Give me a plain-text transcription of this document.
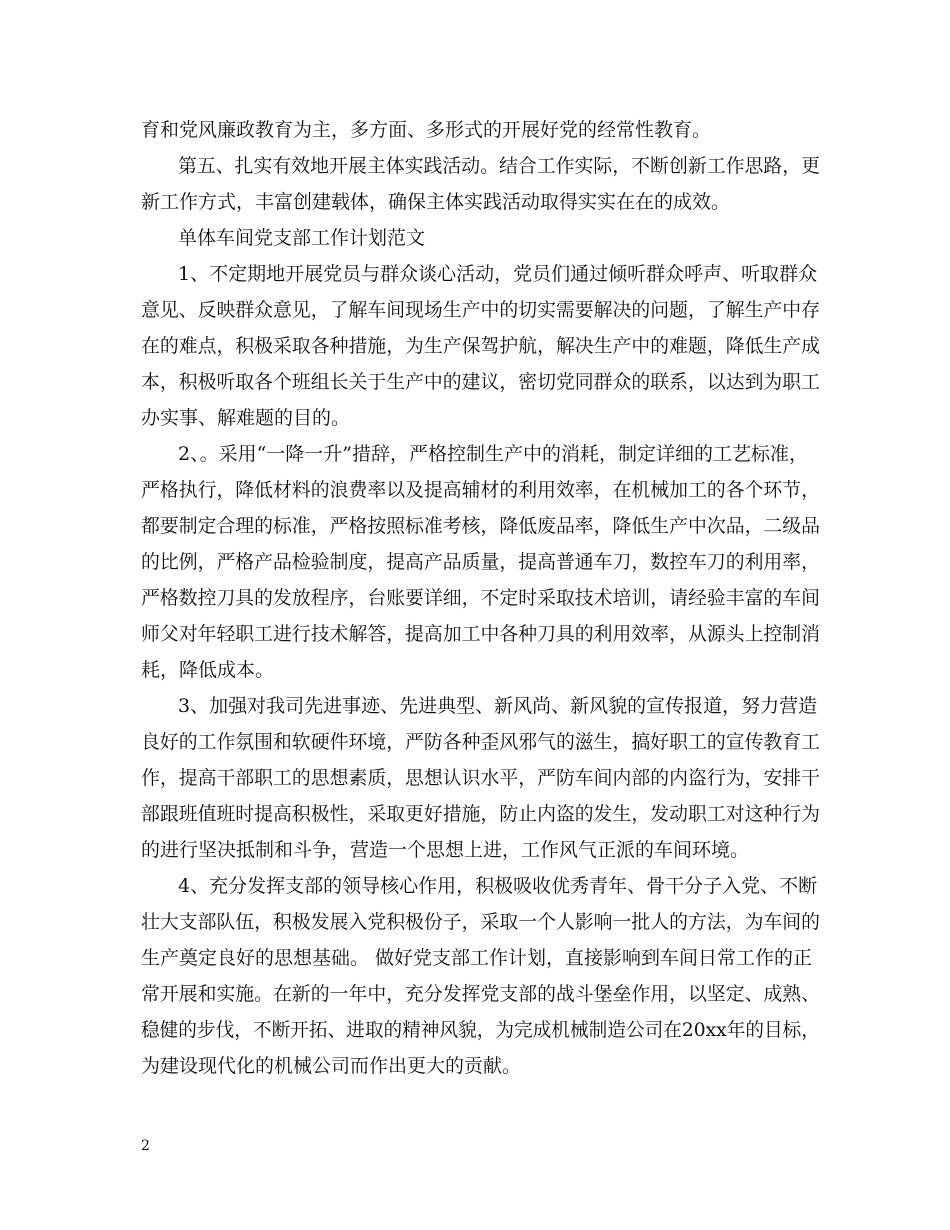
育和党风廉政教育为主，多方面、多形式的开展好党的经常性教育。
第五、扎实有效地开展主体实践活动。结合工作实际，不断创新工作思路，更
新工作方式，丰富创建载体，确保主体实践活动取得实实在在的成效。
单体车间党支部工作计划范文
1、不定期地开展党员与群众谈心活动，党员们通过倾听群众呼声、听取群众
意见、反映群众意见，了解车间现场生产中的切实需要解决的问题，了解生产中存
在的难点，积极采取各种措施，为生产保驾护航，解决生产中的难题，降低生产成
本，积极听取各个班组长关于生产中的建议，密切党同群众的联系，以达到为职工
办实事、解难题的目的。
2、。采用“一降一升”措辞，严格控制生产中的消耗，制定详细的工艺标准，
严格执行，降低材料的浪费率以及提高辅材的利用效率，在机械加工的各个环节，
都要制定合理的标准，严格按照标准考核，降低废品率，降低生产中次品，二级品
的比例，严格产品检验制度，提高产品质量，提高普通车刀，数控车刀的利用率，
严格数控刀具的发放程序，台账要详细，不定时采取技术培训，请经验丰富的车间
师父对年轻职工进行技术解答，提高加工中各种刀具的利用效率，从源头上控制消
耗，降低成本。
3、加强对我司先进事迹、先进典型、新风尚、新风貌的宣传报道，努力营造
良好的工作氛围和软硬件环境，严防各种歪风邪气的滋生，搞好职工的宣传教育工
作，提高干部职工的思想素质，思想认识水平，严防车间内部的内盗行为，安排干
部跟班值班时提高积极性，采取更好措施，防止内盗的发生，发动职工对这种行为
的进行坚决抵制和斗争，营造一个思想上进，工作风气正派的车间环境。
4、充分发挥支部的领导核心作用，积极吸收优秀青年、骨干分子入党、不断
壮大支部队伍，积极发展入党积极份子，采取一个人影响一批人的方法，为车间的
生产奠定良好的思想基础。 做好党支部工作计划，直接影响到车间日常工作的正
常开展和实施。在新的一年中，充分发挥党支部的战斗堡垒作用，以坚定、成熟、
稳健的步伐，不断开拓、进取的精神风貌，为完成机械制造公司在20xx年的目标，
为建设现代化的机械公司而作出更大的贡献。
2
